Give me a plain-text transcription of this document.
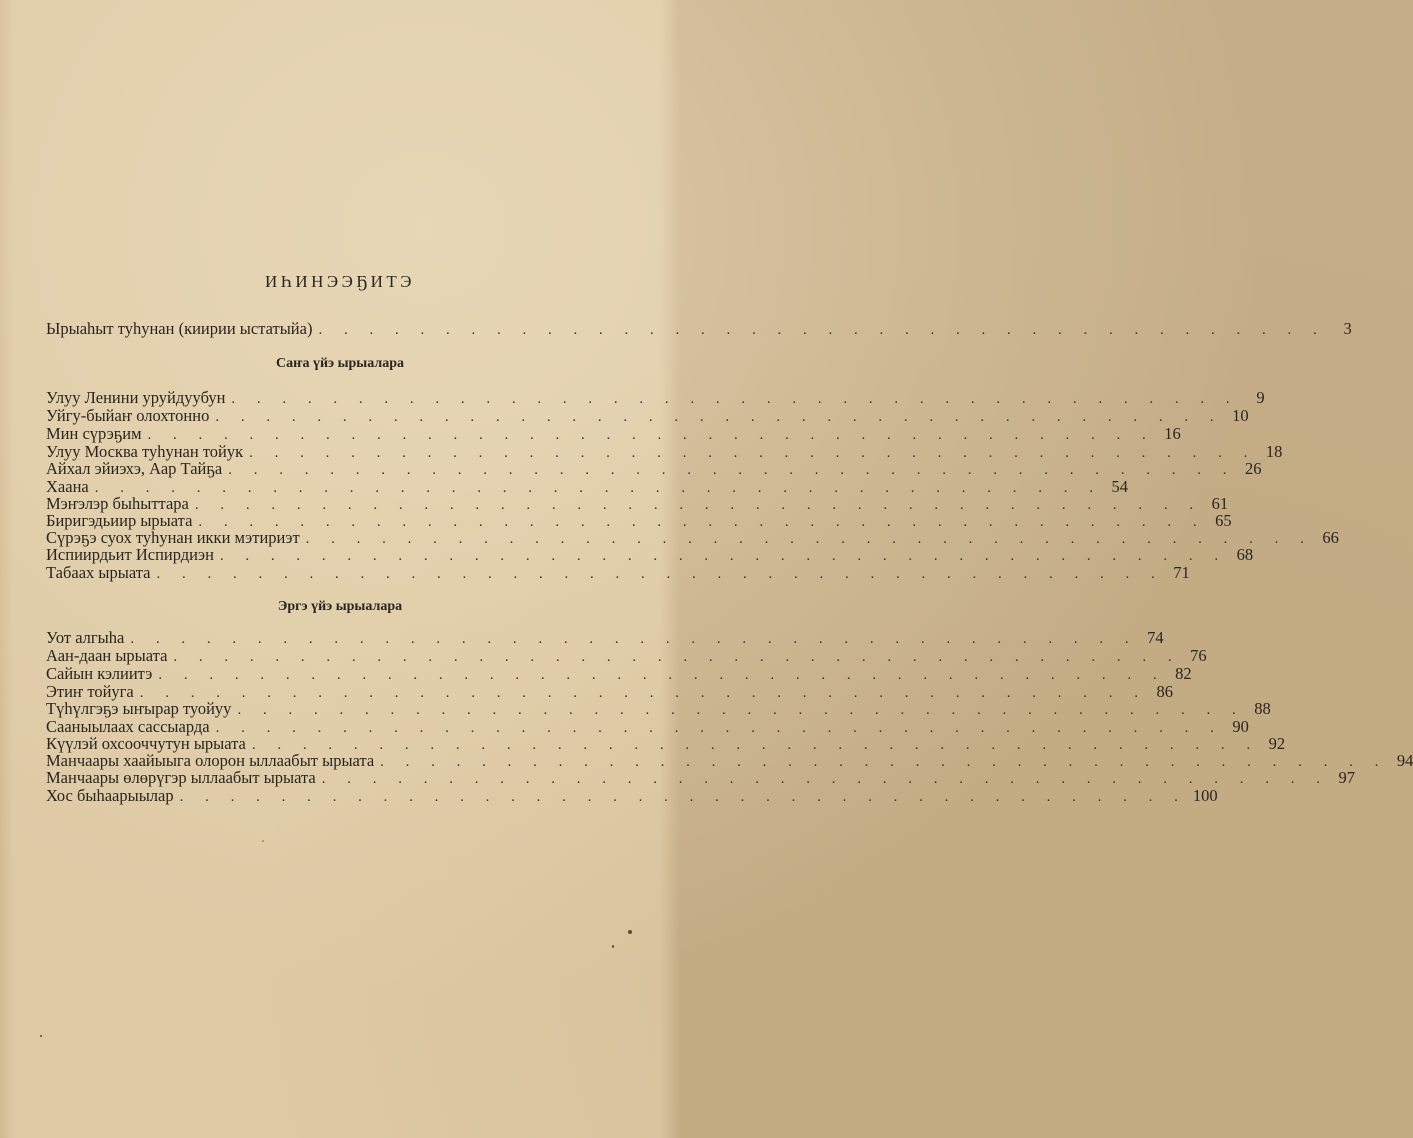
ИҺИНЭЭҔИТЭ
Ырыаһыт туһунан (киирии ыстатыйа) . . . . . . . . . . . . . . . . . . . . . . . . . . . . . . . . . . . . . . . .	3
Саҥа үйэ ырыалара
Улуу Ленини уруйдуубун . . . . . . . . . . . . . . . . . . . . . . . . . . . . . . . . . . . . . . . .	9
Уйгу-быйаҥ олохтонно . . . . . . . . . . . . . . . . . . . . . . . . . . . . . . . . . . . . . . . . 10
Мин сүрэҕим . . . . . . . . . . . . . . . . . . . . . . . . . . . . . . . . . . . . . . . . 16
Улуу Москва туһунан тойук . . . . . . . . . . . . . . . . . . . . . . . . . . . . . . . . . . . . . . . . 18
Айхал эйиэхэ, Аар Тайҕа . . . . . . . . . . . . . . . . . . . . . . . . . . . . . . . . . . . . . . . . 26
Хаана . . . . . . . . . . . . . . . . . . . . . . . . . . . . . . . . . . . . . . . . 54
Мэҥэлэр быһыттара . . . . . . . . . . . . . . . . . . . . . . . . . . . . . . . . . . . . . . . . 61
Биригэдьиир ырыата . . . . . . . . . . . . . . . . . . . . . . . . . . . . . . . . . . . . . . . . 65
Сүрэҕэ суох туһунан икки мэтириэт . . . . . . . . . . . . . . . . . . . . . . . . . . . . . . . . . . . . . . . . 66
Испиирдьит Испирдиэн . . . . . . . . . . . . . . . . . . . . . . . . . . . . . . . . . . . . . . . . 68
Табаах ырыата . . . . . . . . . . . . . . . . . . . . . . . . . . . . . . . . . . . . . . . . 71
Эргэ үйэ ырыалара
Уот алгыһа . . . . . . . . . . . . . . . . . . . . . . . . . . . . . . . . . . . . . . . . 74
Аан-даан ырыата . . . . . . . . . . . . . . . . . . . . . . . . . . . . . . . . . . . . . . . . 76
Сайын кэлиитэ . . . . . . . . . . . . . . . . . . . . . . . . . . . . . . . . . . . . . . . . 82
Этиҥ тойуга . . . . . . . . . . . . . . . . . . . . . . . . . . . . . . . . . . . . . . . . 86
Түһүлгэҕэ ыҥырар туойуу . . . . . . . . . . . . . . . . . . . . . . . . . . . . . . . . . . . . . . . . 88
Сааныылаах сассыарда . . . . . . . . . . . . . . . . . . . . . . . . . . . . . . . . . . . . . . . . 90
Күүлэй охсооччутун ырыата . . . . . . . . . . . . . . . . . . . . . . . . . . . . . . . . . . . . . . . . 92
Манчаары хаайыыга олорон ыллаабыт ырыата . . . . . . . . . . . . . . . . . . . . . . . . . . . . . . . . . . . . . . . . 94
Манчаары өлөрүгэр ыллаабыт ырыата . . . . . . . . . . . . . . . . . . . . . . . . . . . . . . . . . . . . . . . . 97
Хос быһаарыылар . . . . . . . . . . . . . . . . . . . . . . . . . . . . . . . . . . . . . . . . 100
